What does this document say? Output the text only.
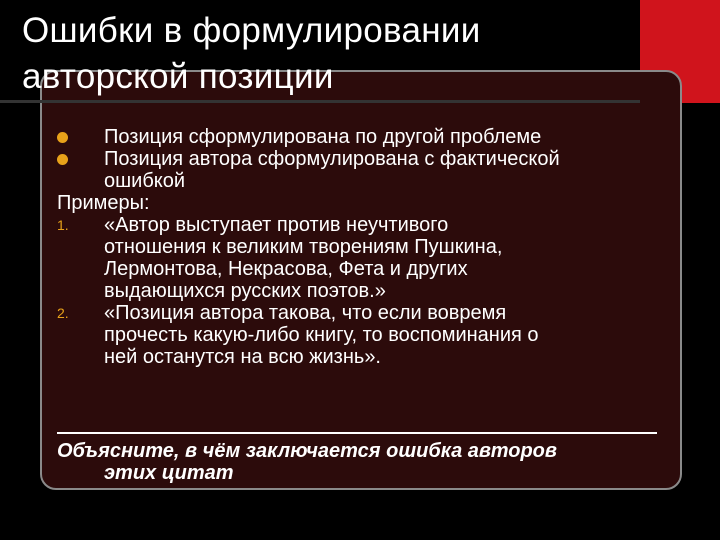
Ошибки в формулировании
авторской позиции
Позиция сформулирована по другой проблеме
Позиция автора сформулирована с фактической
ошибкой
Примеры:
1.	«Автор выступает против неучтивого
отношения к великим творениям Пушкина,
Лермонтова, Некрасова, Фета и других
выдающихся русских поэтов.»
2.	«Позиция автора такова, что если вовремя
прочесть какую-либо книгу, то воспоминания о
ней останутся на всю жизнь».
Объясните, в чём заключается ошибка авторов
этих цитат
